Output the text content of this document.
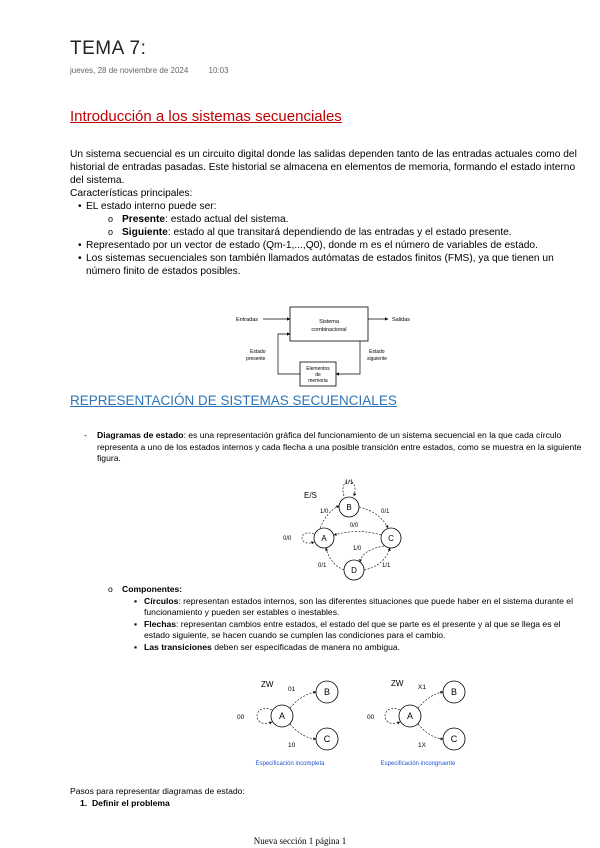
TEMA 7:
jueves, 28 de noviembre de 2024	10:03
Introducción a los sistemas secuenciales

Un sistema secuencial es un circuito digital donde las salidas dependen tanto de las entradas actuales como del historial de entradas pasadas. Este historial se almacena en elementos de memoria, formando el estado interno del sistema.

Características principales:

• EL estado interno puede ser:
o Presente: estado actual del sistema.
o Siguiente: estado al que transitará dependiendo de las entradas y el estado presente.
• Representado por un vector de estado (Qm-1,...,Q0), donde m es el número de variables de estado.
• Los sistemas secuenciales son también llamados autómatas de estados finitos (FMS), ya que tienen un número finito de estados posibles.
Sistema
combinacional
Elementos
de
memoria
Entradas	Salidas
Estado
presente
Estado
siguiente
REPRESENTACIÓN DE SISTEMAS SECUENCIALES
-	Diagramas de estado: es una representación gráfica del funcionamiento de un sistema secuencial en la que cada círculo representa a uno de los estados internos y cada flecha a una posible transición entre estados, como se muestra en la siguiente figura.
E/S
B
A	C
D
1/1
1/0	0/1
0/0
0/0
1/0
0/1	1/1
o Componentes:
▪ Círculos: representan estados internos, son las diferentes situaciones que puede haber en el sistema durante el funcionamiento y pueden ser estables o inestables.
▪ Flechas: representan cambios entre estados, el estado del que se parte es el presente y al que se llega es el estado siguiente, se hacen cuando se cumplen las condiciones para el cambio.
▪ Las transiciones deben ser especificadas de manera no ambigua.
ZW
A
B
C
01
00
10
Especificación incompleta
ZW
A
B
C
X1
00
1X
Especificación incongruente
Pasos para representar diagramas de estado:
1. Definir el problema
Nueva sección 1 página 1
